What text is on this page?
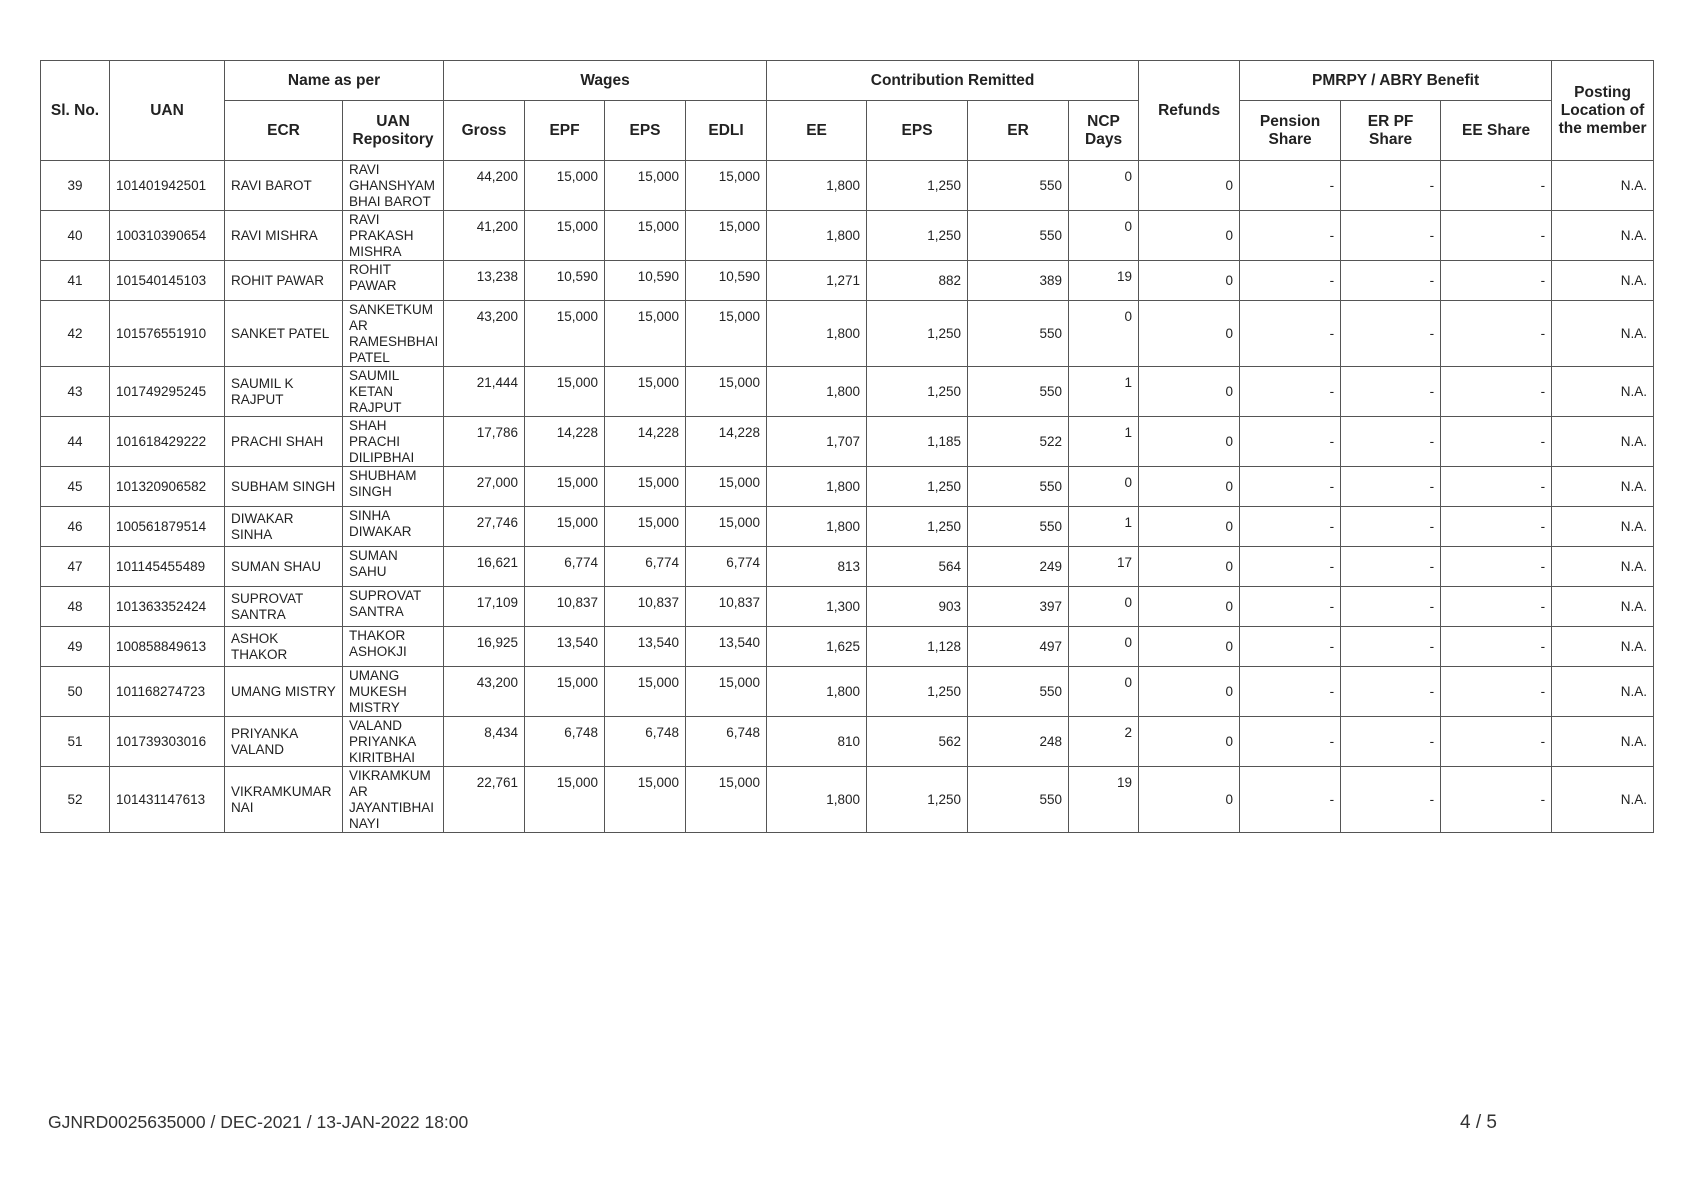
Sl. No.	UAN	Name as per		Wages				Contribution Remitted				Refunds	PMRPY / ABRY Benefit			Posting Location of the member
		ECR	UAN Repository	Gross	EPF	EPS	EDLI	EE	EPS	ER	NCP Days		Pension Share	ER PF Share	EE Share	
39	101401942501	RAVI BAROT	RAVI
GHANSHYAM
BHAI BAROT	44,200	15,000	15,000	15,000	1,800	1,250	550	0	0	-	-	-	N.A.
40	100310390654	RAVI MISHRA	RAVI
PRAKASH
MISHRA	41,200	15,000	15,000	15,000	1,800	1,250	550	0	0	-	-	-	N.A.
41	101540145103	ROHIT PAWAR	ROHIT
PAWAR	13,238	10,590	10,590	10,590	1,271	882	389	19	0	-	-	-	N.A.
42	101576551910	SANKET PATEL	SANKETKUM
AR
RAMESHBHAI
PATEL	43,200	15,000	15,000	15,000	1,800	1,250	550	0	0	-	-	-	N.A.
43	101749295245	SAUMIL K RAJPUT	SAUMIL
KETAN
RAJPUT	21,444	15,000	15,000	15,000	1,800	1,250	550	1	0	-	-	-	N.A.
44	101618429222	PRACHI SHAH	SHAH
PRACHI
DILIPBHAI	17,786	14,228	14,228	14,228	1,707	1,185	522	1	0	-	-	-	N.A.
45	101320906582	SUBHAM SINGH	SHUBHAM
SINGH	27,000	15,000	15,000	15,000	1,800	1,250	550	0	0	-	-	-	N.A.
46	100561879514	DIWAKAR SINHA	SINHA
DIWAKAR	27,746	15,000	15,000	15,000	1,800	1,250	550	1	0	-	-	-	N.A.
47	101145455489	SUMAN SHAU	SUMAN
SAHU	16,621	6,774	6,774	6,774	813	564	249	17	0	-	-	-	N.A.
48	101363352424	SUPROVAT SANTRA	SUPROVAT
SANTRA	17,109	10,837	10,837	10,837	1,300	903	397	0	0	-	-	-	N.A.
49	100858849613	ASHOK THAKOR	THAKOR
ASHOKJI	16,925	13,540	13,540	13,540	1,625	1,128	497	0	0	-	-	-	N.A.
50	101168274723	UMANG MISTRY	UMANG
MUKESH
MISTRY	43,200	15,000	15,000	15,000	1,800	1,250	550	0	0	-	-	-	N.A.
51	101739303016	PRIYANKA VALAND	VALAND
PRIYANKA
KIRITBHAI	8,434	6,748	6,748	6,748	810	562	248	2	0	-	-	-	N.A.
52	101431147613	VIKRAMKUMAR NAI	VIKRAMKUM
AR
JAYANTIBHAI
NAYI	22,761	15,000	15,000	15,000	1,800	1,250	550	19	0	-	-	-	N.A.
GJNRD0025635000 / DEC-2021 / 13-JAN-2022 18:00	4 / 5
